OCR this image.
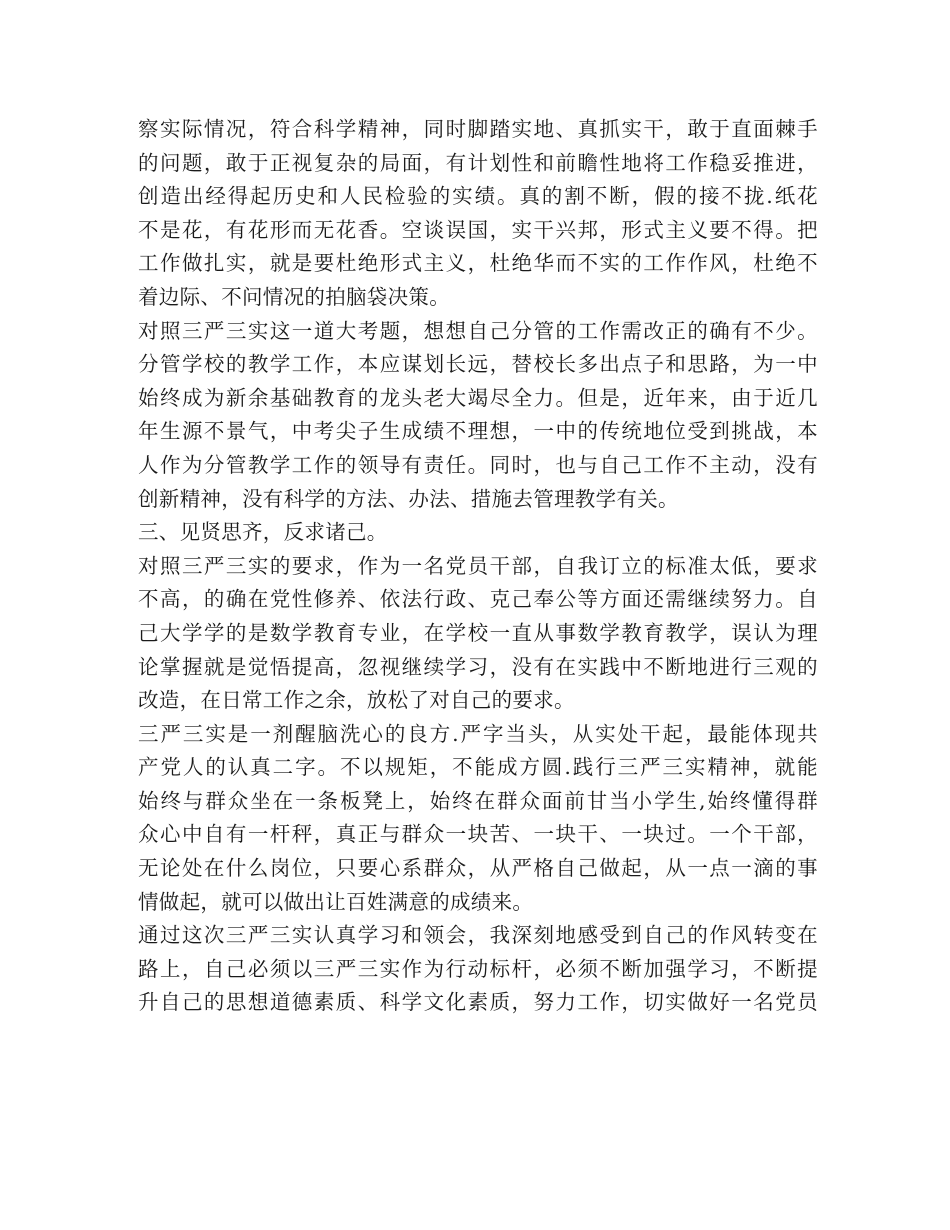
察实际情况，符合科学精神，同时脚踏实地、真抓实干，敢于直面棘手
的问题，敢于正视复杂的局面，有计划性和前瞻性地将工作稳妥推进，
创造出经得起历史和人民检验的实绩。真的割不断，假的接不拢.纸花
不是花，有花形而无花香。空谈误国，实干兴邦，形式主义要不得。把
工作做扎实，就是要杜绝形式主义，杜绝华而不实的工作作风，杜绝不
着边际、不问情况的拍脑袋决策。
对照三严三实这一道大考题，想想自己分管的工作需改正的确有不少。
分管学校的教学工作，本应谋划长远，替校长多出点子和思路，为一中
始终成为新余基础教育的龙头老大竭尽全力。但是，近年来，由于近几
年生源不景气，中考尖子生成绩不理想，一中的传统地位受到挑战，本
人作为分管教学工作的领导有责任。同时，也与自己工作不主动，没有
创新精神，没有科学的方法、办法、措施去管理教学有关。
三、见贤思齐，反求诸己。
对照三严三实的要求，作为一名党员干部，自我订立的标准太低，要求
不高，的确在党性修养、依法行政、克己奉公等方面还需继续努力。自
己大学学的是数学教育专业，在学校一直从事数学教育教学，误认为理
论掌握就是觉悟提高，忽视继续学习，没有在实践中不断地进行三观的
改造，在日常工作之余，放松了对自己的要求。
三严三实是一剂醒脑洗心的良方.严字当头，从实处干起，最能体现共
产党人的认真二字。不以规矩，不能成方圆.践行三严三实精神，就能
始终与群众坐在一条板凳上，始终在群众面前甘当小学生,始终懂得群
众心中自有一杆秤，真正与群众一块苦、一块干、一块过。一个干部，
无论处在什么岗位，只要心系群众，从严格自己做起，从一点一滴的事
情做起，就可以做出让百姓满意的成绩来。
通过这次三严三实认真学习和领会，我深刻地感受到自己的作风转变在
路上，自己必须以三严三实作为行动标杆，必须不断加强学习，不断提
升自己的思想道德素质、科学文化素质，努力工作，切实做好一名党员
